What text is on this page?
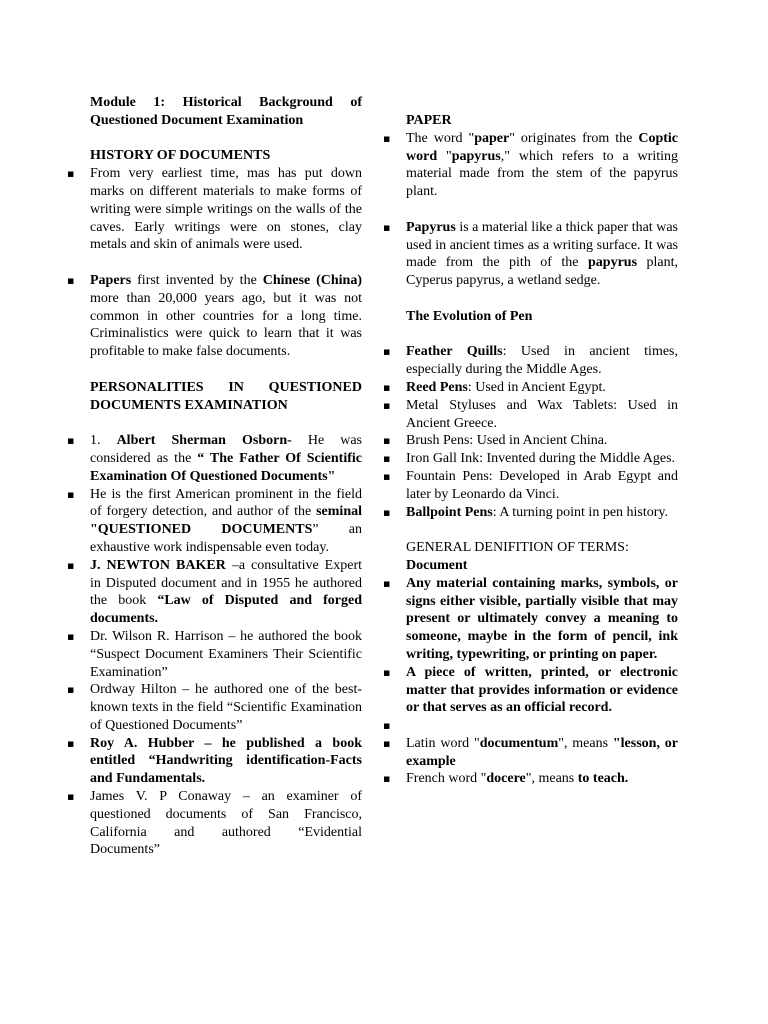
Module 1: Historical Background of Questioned Document Examination

HISTORY OF DOCUMENTS

▪ From very earliest time, mas has put down marks on different materials to make forms of writing were simple writings on the walls of the caves. Early writings were on stones, clay metals and skin of animals were used.
▪ Papers first invented by the Chinese (China) more than 20,000 years ago, but it was not common in other countries for a long time. Criminalistics were quick to learn that it was profitable to make false documents.

PERSONALITIES IN QUESTIONED DOCUMENTS EXAMINATION

▪ 1. Albert Sherman Osborn- He was considered as the “ The Father Of Scientific Examination Of Questioned Documents"
▪ He is the first American prominent in the field of forgery detection, and author of the seminal "QUESTIONED DOCUMENTS” an exhaustive work indispensable even today.
▪ J. NEWTON BAKER –a consultative Expert in Disputed document and in 1955 he authored the book “Law of Disputed and forged documents.
▪ Dr. Wilson R. Harrison – he authored the book “Suspect Document Examiners Their Scientific Examination”
▪ Ordway Hilton – he authored one of the best-known texts in the field “Scientific Examination of Questioned Documents”
▪ Roy A. Hubber – he published a book entitled “Handwriting identification-Facts and Fundamentals.
▪ James V. P Conaway – an examiner of questioned documents of San Francisco, California and authored “Evidential Documents”

PAPER

▪ The word "paper" originates from the Coptic word "papyrus," which refers to a writing material made from the stem of the papyrus plant.
▪ Papyrus is a material like a thick paper that was used in ancient times as a writing surface. It was made from the pith of the papyrus plant, Cyperus papyrus, a wetland sedge.

The Evolution of Pen

▪ Feather Quills: Used in ancient times, especially during the Middle Ages.
▪ Reed Pens: Used in Ancient Egypt.
▪ Metal Styluses and Wax Tablets: Used in Ancient Greece.
▪ Brush Pens: Used in Ancient China.
▪ Iron Gall Ink: Invented during the Middle Ages.
▪ Fountain Pens: Developed in Arab Egypt and later by Leonardo da Vinci.
▪ Ballpoint Pens: A turning point in pen history.

GENERAL DENIFITION OF TERMS:

Document

▪ Any material containing marks, symbols, or signs either visible, partially visible that may present or ultimately convey a meaning to someone, maybe in the form of pencil, ink writing, typewriting, or printing on paper.
▪ A piece of written, printed, or electronic matter that provides information or evidence or that serves as an official record.
▪
▪ Latin word "documentum", means "lesson, or example
▪ French word "docere", means to teach.
